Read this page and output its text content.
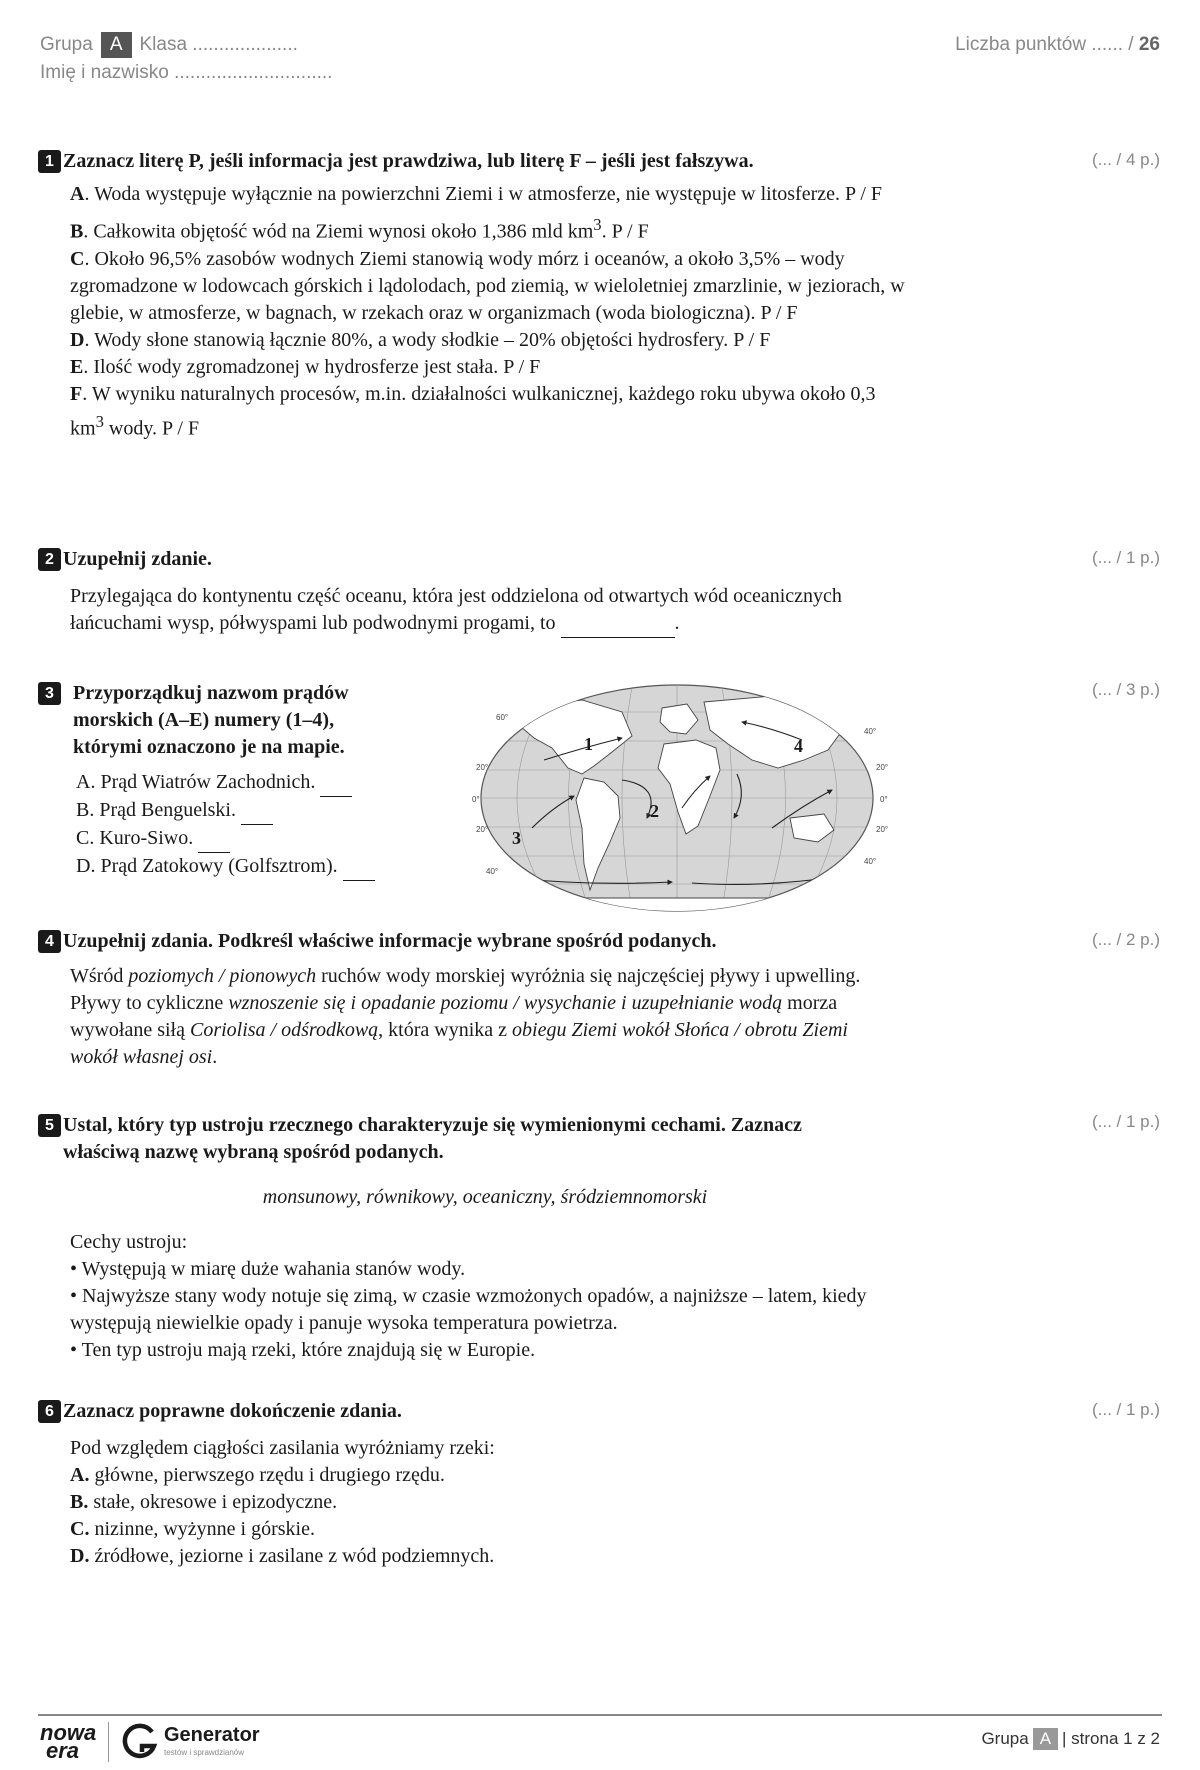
Grupa A Klasa ....................	Liczba punktów ...... / 26
Imię i nazwisko ..............................
1 Zaznacz literę P, jeśli informacja jest prawdziwa, lub literę F – jeśli jest fałszywa.	(... / 4 p.)

A. Woda występuje wyłącznie na powierzchni Ziemi i w atmosferze, nie występuje w litosferze. P / F

B. Całkowita objętość wód na Ziemi wynosi około 1,386 mld $km^3$. P / F

C. Około 96,5% zasobów wodnych Ziemi stanowią wody mórz i oceanów, a około 3,5% – wody zgromadzone w lodowcach górskich i lądolodach, pod ziemią, w wieloletniej zmarzlinie, w jeziorach, w glebie, w atmosferze, w bagnach, w rzekach oraz w organizmach (woda biologiczna). P / F

D. Wody słone stanowią łącznie 80%, a wody słodkie – 20% objętości hydrosfery. P / F

E. Ilość wody zgromadzonej w hydrosferze jest stała. P / F

F. W wyniku naturalnych procesów, m.in. działalności wulkanicznej, każdego roku ubywa około 0,3 $km^3$ wody. P / F

2 Uzupełnij zdanie.	(... / 1 p.)

Przylegająca do kontynentu część oceanu, która jest oddzielona od otwartych wód oceanicznych łańcuchami wysp, półwyspami lub podwodnymi progami, to	.

3 Przyporządkuj nazwom prądów morskich (A–E) numery (1–4), którymi oznaczono je na mapie.
(... / 3 p.)

A. Prąd Wiatrów Zachodnich.

B. Prąd Benguelski.

C. Kuro-Siwo.

D. Prąd Zatokowy (Golfsztrom).

1
2
3
4
40°
20°
0°
20°
40°
60°
20°
0°
20°
40°
4 Uzupełnij zdania. Podkreśl właściwe informacje wybrane spośród podanych.	(... / 2 p.)

Wśród poziomych / pionowych ruchów wody morskiej wyróżnia się najczęściej pływy i upwelling. Pływy to cykliczne wznoszenie się i opadanie poziomu / wysychanie i uzupełnianie wodą morza wywołane siłą Coriolisa / odśrodkową, która wynika z obiegu Ziemi wokół Słońca / obrotu Ziemi wokół własnej osi.

5 Ustal, który typ ustroju rzecznego charakteryzuje się wymienionymi cechami. Zaznacz właściwą nazwę wybraną spośród podanych.
(... / 1 p.)

monsunowy, równikowy, oceaniczny, śródziemnomorski

Cechy ustroju:

• Występują w miarę duże wahania stanów wody.

• Najwyższe stany wody notuje się zimą, w czasie wzmożonych opadów, a najniższe – latem, kiedy występują niewielkie opady i panuje wysoka temperatura powietrza.

• Ten typ ustroju mają rzeki, które znajdują się w Europie.

6 Zaznacz poprawne dokończenie zdania.	(... / 1 p.)

Pod względem ciągłości zasilania wyróżniamy rzeki:

A. główne, pierwszego rzędu i drugiego rzędu.

B. stałe, okresowe i epizodyczne.

C. nizinne, wyżynne i górskie.

D. źródłowe, jeziorne i zasilane z wód podziemnych.

nowa
era
Generator
testów i sprawdzianów
Grupa A | strona 1 z 2
